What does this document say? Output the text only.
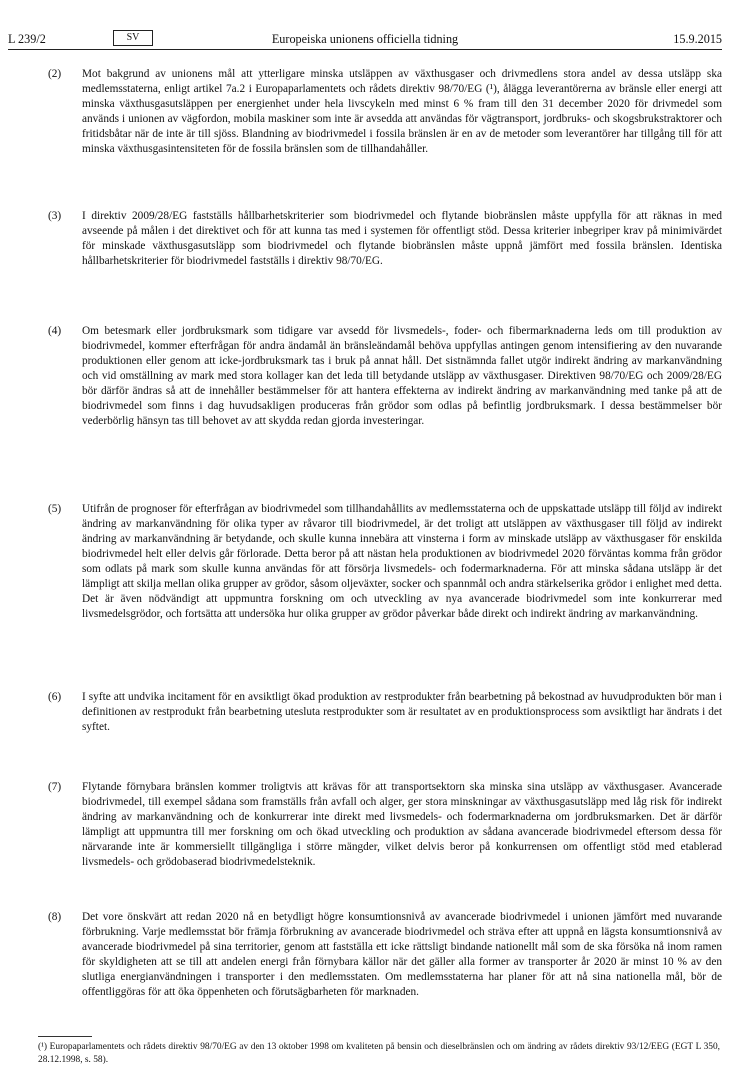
L 239/2	SV	Europeiska unionens officiella tidning	15.9.2015
(2)	Mot bakgrund av unionens mål att ytterligare minska utsläppen av växthusgaser och drivmedlens stora andel av dessa utsläpp ska medlemsstaterna, enligt artikel 7a.2 i Europaparlamentets och rådets direktiv 98/70/EG (¹), ålägga leverantörerna av bränsle eller energi att minska växthusgasutsläppen per energienhet under hela livscykeln med minst 6 % fram till den 31 december 2020 för drivmedel som används i unionen av vägfordon, mobila maskiner som inte är avsedda att användas för vägtransport, jordbruks- och skogsbrukstraktorer och fritidsbåtar när de inte är till sjöss. Blandning av biodrivmedel i fossila bränslen är en av de metoder som leverantörer har tillgång till för att minska växthusgasintensiteten för de fossila bränslen som de tillhandahåller.
(3)	I direktiv 2009/28/EG fastställs hållbarhetskriterier som biodrivmedel och flytande biobränslen måste uppfylla för att räknas in med avseende på målen i det direktivet och för att kunna tas med i systemen för offentligt stöd. Dessa kriterier inbegriper krav på minimivärdet för minskade växthusgasutsläpp som biodrivmedel och flytande biobränslen måste uppnå jämfört med fossila bränslen. Identiska hållbarhetskriterier för biodrivmedel fastställs i direktiv 98/70/EG.
(4)	Om betesmark eller jordbruksmark som tidigare var avsedd för livsmedels-, foder- och fibermarknaderna leds om till produktion av biodrivmedel, kommer efterfrågan för andra ändamål än bränsleändamål behöva uppfyllas antingen genom intensifiering av den nuvarande produktionen eller genom att icke-jordbruksmark tas i bruk på annat håll. Det sistnämnda fallet utgör indirekt ändring av markanvändning och vid omställning av mark med stora kollager kan det leda till betydande utsläpp av växthusgaser. Direktiven 98/70/EG och 2009/28/EG bör därför ändras så att de innehåller bestämmelser för att hantera effekterna av indirekt ändring av markanvändning med tanke på att de biodrivmedel som finns i dag huvudsakligen produceras från grödor som odlas på befintlig jordbruksmark. I dessa bestämmelser bör vederbörlig hänsyn tas till behovet av att skydda redan gjorda investeringar.
(5)	Utifrån de prognoser för efterfrågan av biodrivmedel som tillhandahållits av medlemsstaterna och de uppskattade utsläpp till följd av indirekt ändring av markanvändning för olika typer av råvaror till biodrivmedel, är det troligt att utsläppen av växthusgaser till följd av indirekt ändring av markanvändning är betydande, och skulle kunna innebära att vinsterna i form av minskade utsläpp av växthusgaser för enskilda biodrivmedel helt eller delvis går förlorade. Detta beror på att nästan hela produktionen av biodrivmedel 2020 förväntas komma från grödor som odlats på mark som skulle kunna användas för att försörja livsmedels- och fodermarknaderna. För att minska sådana utsläpp är det lämpligt att skilja mellan olika grupper av grödor, såsom oljeväxter, socker och spannmål och andra stärkelserika grödor i enlighet med detta. Det är även nödvändigt att uppmuntra forskning om och utveckling av nya avancerade biodrivmedel som inte konkurrerar med livsmedelsgrödor, och fortsätta att undersöka hur olika grupper av grödor påverkar både direkt och indirekt ändring av markanvändning.
(6)	I syfte att undvika incitament för en avsiktligt ökad produktion av restprodukter från bearbetning på bekostnad av huvudprodukten bör man i definitionen av restprodukt från bearbetning utesluta restprodukter som är resultatet av en produktionsprocess som avsiktligt har ändrats i det syftet.
(7)	Flytande förnybara bränslen kommer troligtvis att krävas för att transportsektorn ska minska sina utsläpp av växthusgaser. Avancerade biodrivmedel, till exempel sådana som framställs från avfall och alger, ger stora minskningar av växthusgasutsläpp med låg risk för indirekt ändring av markanvändning och de konkurrerar inte direkt med livsmedels- och fodermarknaderna om jordbruksmarken. Det är därför lämpligt att uppmuntra till mer forskning om och ökad utveckling och produktion av sådana avancerade biodrivmedel eftersom dessa för närvarande inte är kommersiellt tillgängliga i större mängder, vilket delvis beror på konkurrensen om offentligt stöd med etablerad livsmedels- och grödobaserad biodrivmedelsteknik.
(8)	Det vore önskvärt att redan 2020 nå en betydligt högre konsumtionsnivå av avancerade biodrivmedel i unionen jämfört med nuvarande förbrukning. Varje medlemsstat bör främja förbrukning av avancerade biodrivmedel och sträva efter att uppnå en lägsta konsumtionsnivå av avancerade biodrivmedel på sina territorier, genom att fastställa ett icke rättsligt bindande nationellt mål som de ska försöka nå inom ramen för skyldigheten att se till att andelen energi från förnybara källor när det gäller alla former av transporter år 2020 är minst 10 % av den slutliga energianvändningen i transporter i den medlemsstaten. Om medlemsstaterna har planer för att nå sina nationella mål, bör de offentliggöras för att öka öppenheten och förutsägbarheten för marknaden.
(¹) Europaparlamentets och rådets direktiv 98/70/EG av den 13 oktober 1998 om kvaliteten på bensin och dieselbränslen och om ändring av rådets direktiv 93/12/EEG (EGT L 350, 28.12.1998, s. 58).
